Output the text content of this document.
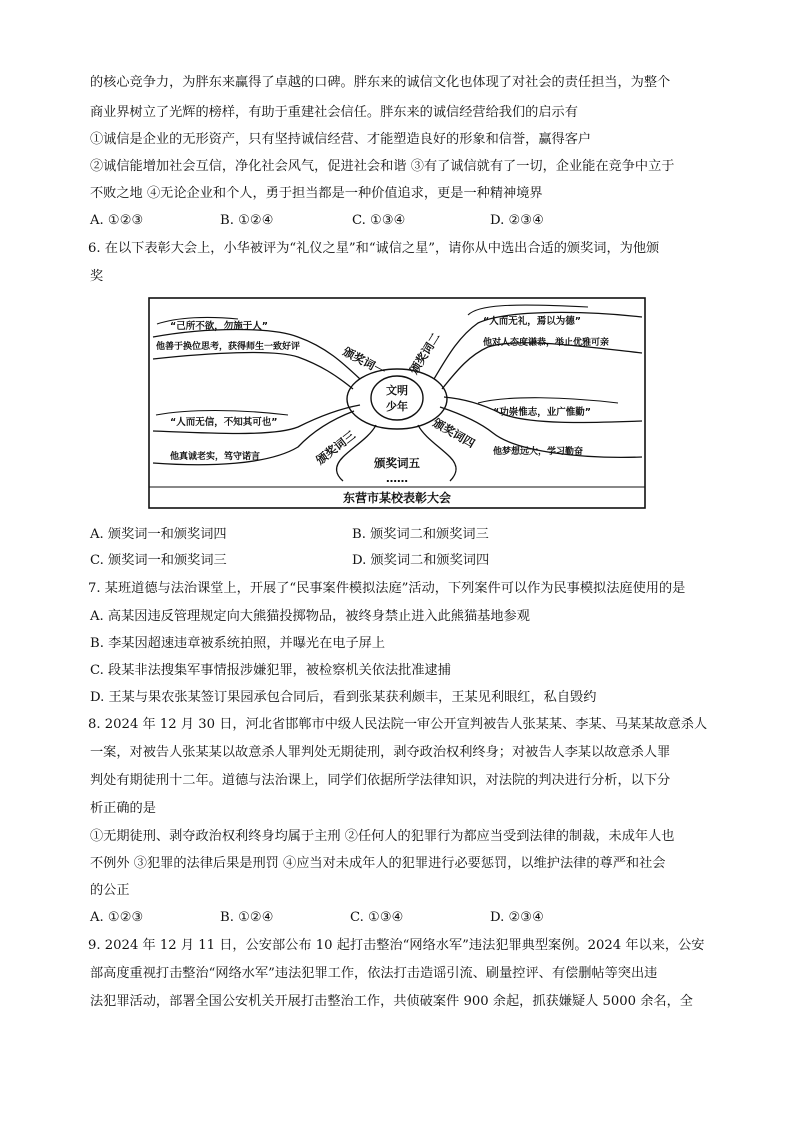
的核心竞争力，为胖东来赢得了卓越的口碑。胖东来的诚信文化也体现了对社会的责任担当，为整个
商业界树立了光辉的榜样，有助于重建社会信任。胖东来的诚信经营给我们的启示有
①诚信是企业的无形资产，只有坚持诚信经营、才能塑造良好的形象和信誉，赢得客户
②诚信能增加社会互信，净化社会风气，促进社会和谐 ③有了诚信就有了一切，企业能在竞争中立于
不败之地 ④无论企业和个人，勇于担当都是一种价值追求，更是一种精神境界
A. ①②③	B. ①②④	C. ①③④	D. ②③④
6. 在以下表彰大会上，小华被评为“礼仪之星”和“诚信之星”，请你从中选出合适的颁奖词，为他颁
奖
文明
少年
“己所不欲，勿施于人”
他善于换位思考，获得师生一致好评	颁奖词一
“人而无礼，焉以为德”
他对人态度谦恭，举止优雅可亲
颁奖词二
“人而无信，不知其可也”
他真诚老实，笃守诺言	颁奖词三
“功崇惟志，业广惟勤”
他梦想远大，学习勤奋
颁奖词四
颁奖词五
……
东营市某校表彰大会
A. 颁奖词一和颁奖词四	B. 颁奖词二和颁奖词三
C. 颁奖词一和颁奖词三	D. 颁奖词二和颁奖词四
7. 某班道德与法治课堂上，开展了“民事案件模拟法庭”活动，下列案件可以作为民事模拟法庭使用的是
A. 高某因违反管理规定向大熊猫投掷物品，被终身禁止进入此熊猫基地参观
B. 李某因超速违章被系统拍照，并曝光在电子屏上
C. 段某非法搜集军事情报涉嫌犯罪，被检察机关依法批准逮捕
D. 王某与果农张某签订果园承包合同后，看到张某获利颇丰，王某见利眼红，私自毁约
8. 2024 年 12 月 30 日，河北省邯郸市中级人民法院一审公开宣判被告人张某某、李某、马某某故意杀人
一案，对被告人张某某以故意杀人罪判处无期徒刑，剥夺政治权利终身；对被告人李某以故意杀人罪
判处有期徒刑十二年。道德与法治课上，同学们依据所学法律知识，对法院的判决进行分析，以下分
析正确的是
①无期徒刑、剥夺政治权利终身均属于主刑 ②任何人的犯罪行为都应当受到法律的制裁，未成年人也
不例外 ③犯罪的法律后果是刑罚 ④应当对未成年人的犯罪进行必要惩罚，以维护法律的尊严和社会
的公正
A. ①②③	B. ①②④	C. ①③④	D. ②③④
9. 2024 年 12 月 11 日，公安部公布 10 起打击整治“网络水军”违法犯罪典型案例。2024 年以来，公安
部高度重视打击整治“网络水军”违法犯罪工作，依法打击造谣引流、刷量控评、有偿删帖等突出违
法犯罪活动，部署全国公安机关开展打击整治工作，共侦破案件 900 余起，抓获嫌疑人 5000 余名，全
